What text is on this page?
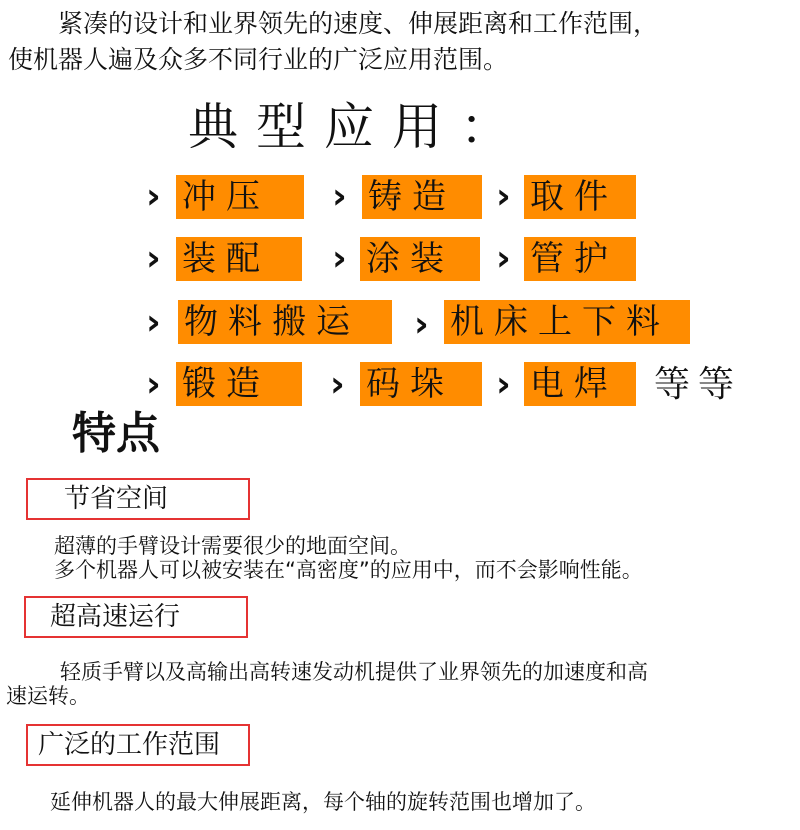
紧凑的设计和业界领先的速度、伸展距离和工作范围，
使机器人遍及众多不同行业的广泛应用范围。
典型应用：
› 冲压	› 铸造	› 取件
› 装配	› 涂装	› 管护
› 物料搬运	› 机床上下料
› 锻造	› 码垛	› 电焊	等等
特点
节省空间
超薄的手臂设计需要很少的地面空间。
多个机器人可以被安装在“高密度”的应用中，而不会影响性能。
超高速运行
轻质手臂以及高输出高转速发动机提供了业界领先的加速度和高
速运转。
广泛的工作范围
延伸机器人的最大伸展距离，每个轴的旋转范围也增加了。
